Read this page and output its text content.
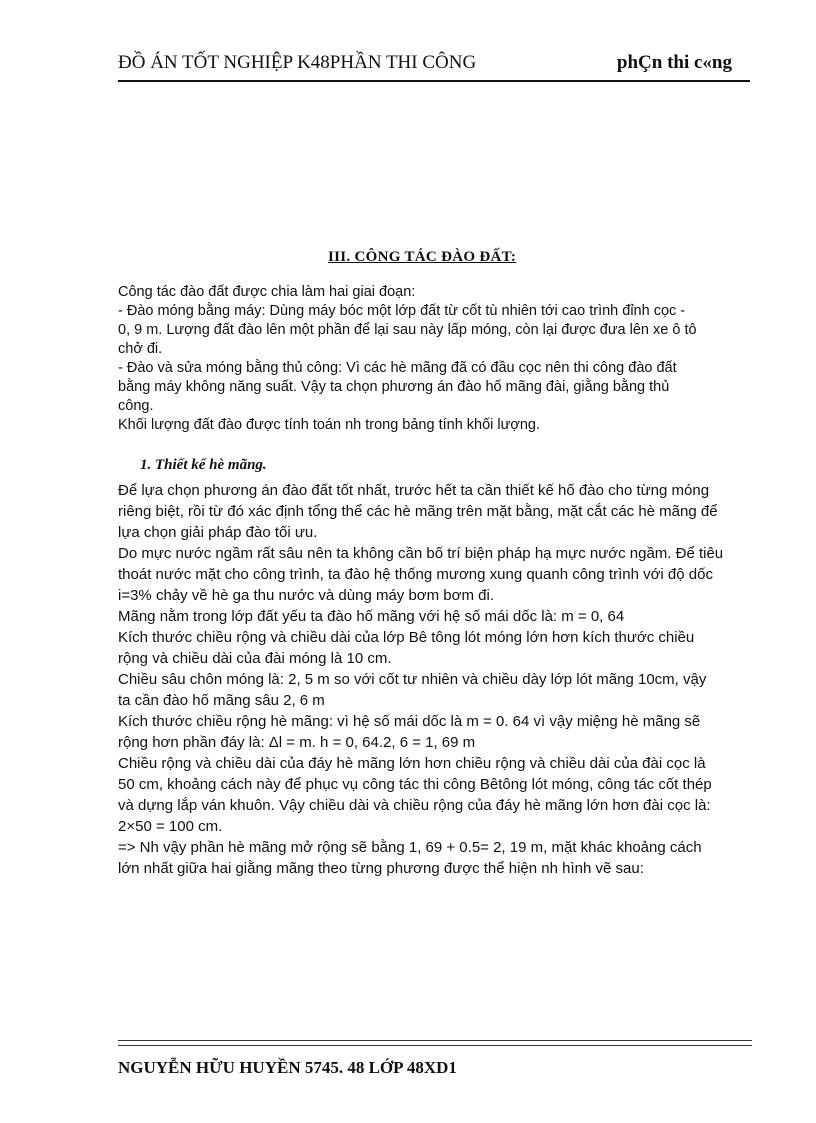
ĐỒ ÁN TỐT NGHIỆP K48PHẦN THI CÔNG	phÇn thi c«ng
III. CÔNG TÁC ĐÀO ĐẤT:

Công tác đào đất được chia làm hai giai đoạn:

- Đào móng bằng máy: Dùng máy bóc một lớp đất từ cốt tù nhiên tới cao trình đỉnh cọc -

0, 9 m. Lượng đất đào lên một phần để lại sau này lấp móng, còn lại được đưa lên xe ô tô

chở đi.

- Đào và sửa móng bằng thủ công: Vì các hè mãng đã có đầu cọc nên thi công đào đất

bằng máy không năng suất. Vậy ta chọn phương án đào hố mãng đài, giằng bằng thủ

công.

Khối lượng đất đào được tính toán nh trong bảng tính khối lượng.

1. Thiết kế hè mãng.

Để lựa chọn phương án đào đất tốt nhất, trước hết ta cần thiết kế hố đào cho từng móng

riêng biệt, rồi từ đó xác định tổng thể các hè mãng trên mặt bằng, mặt cắt các hè mãng để

lựa chọn giải pháp đào tối ưu.

Do mực nước ngầm rất sâu nên ta không cần bố trí biện pháp hạ mực nước ngầm. Để tiêu

thoát nước mặt cho công trình, ta đào hệ thống mương xung quanh công trình với độ dốc

i=3% chảy về hè ga thu nước và dùng máy bơm bơm đi.

Mãng nằm trong lớp đất yếu ta đào hố mãng với hệ số mái dốc là: m = 0, 64

Kích thước chiều rộng và chiều dài của lớp Bê tông lót móng lớn hơn kích thước chiều

rộng và chiều dài của đài móng là 10 cm.

Chiều sâu chôn móng là: 2, 5 m so với cốt tư nhiên và chiều dày lớp lót mãng 10cm, vậy

ta cần đào hố mãng sâu 2, 6 m

Kích thước chiều rộng hè mãng: vì hệ số mái dốc là m = 0. 64 vì vậy miệng hè mãng sẽ

rộng hơn phần đáy là: Δl = m. h = 0, 64.2, 6 = 1, 69 m

Chiều rộng và chiều dài của đáy hè mãng lớn hơn chiều rộng và chiều dài của đài cọc là

50 cm, khoảng cách này để phục vụ công tác thi công Bêtông lót móng, công tác cốt thép

và dựng lắp ván khuôn. Vậy chiều dài và chiều rộng của đáy hè mãng lớn hơn đài cọc là:

2×50 = 100 cm.

=> Nh vậy phần hè mãng mở rộng sẽ bằng 1, 69 + 0.5= 2, 19 m, mặt khác khoảng cách

lớn nhất giữa hai giằng mãng theo từng phương được thể hiện nh hình vẽ sau:

NGUYỄN HỮU HUYỀN 5745. 48 LỚP 48XD1
